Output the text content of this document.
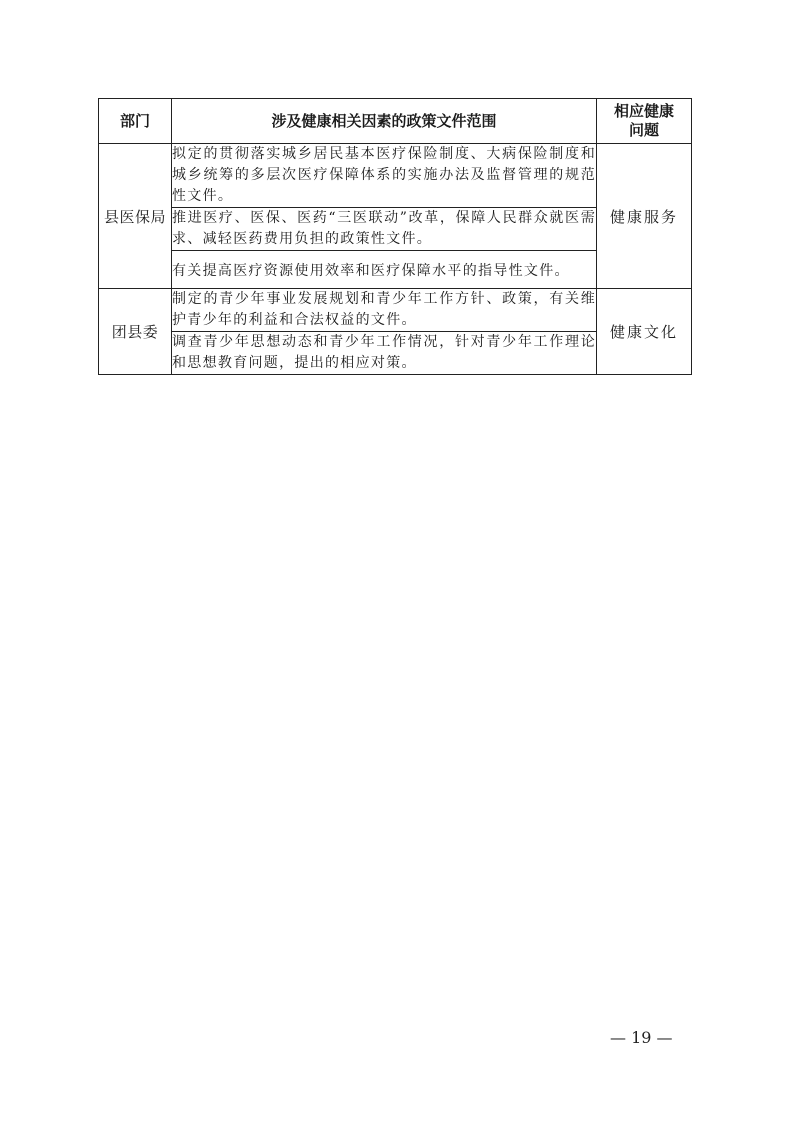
部门	涉及健康相关因素的政策文件范围	相应健康
问题
县医保局	拟定的贯彻落实城乡居民基本医疗保险制度、大病保险制度和城乡统筹的多层次医疗保障体系的实施办法及监督管理的规范性文件。	健康服务
	推进医疗、医保、医药“三医联动”改革，保障人民群众就医需求、减轻医药费用负担的政策性文件。	
	有关提高医疗资源使用效率和医疗保障水平的指导性文件。	
团县委	制定的青少年事业发展规划和青少年工作方针、政策，有关维护青少年的利益和合法权益的文件。	健康文化
	调查青少年思想动态和青少年工作情况，针对青少年工作理论和思想教育问题，提出的相应对策。	
— 19 —
